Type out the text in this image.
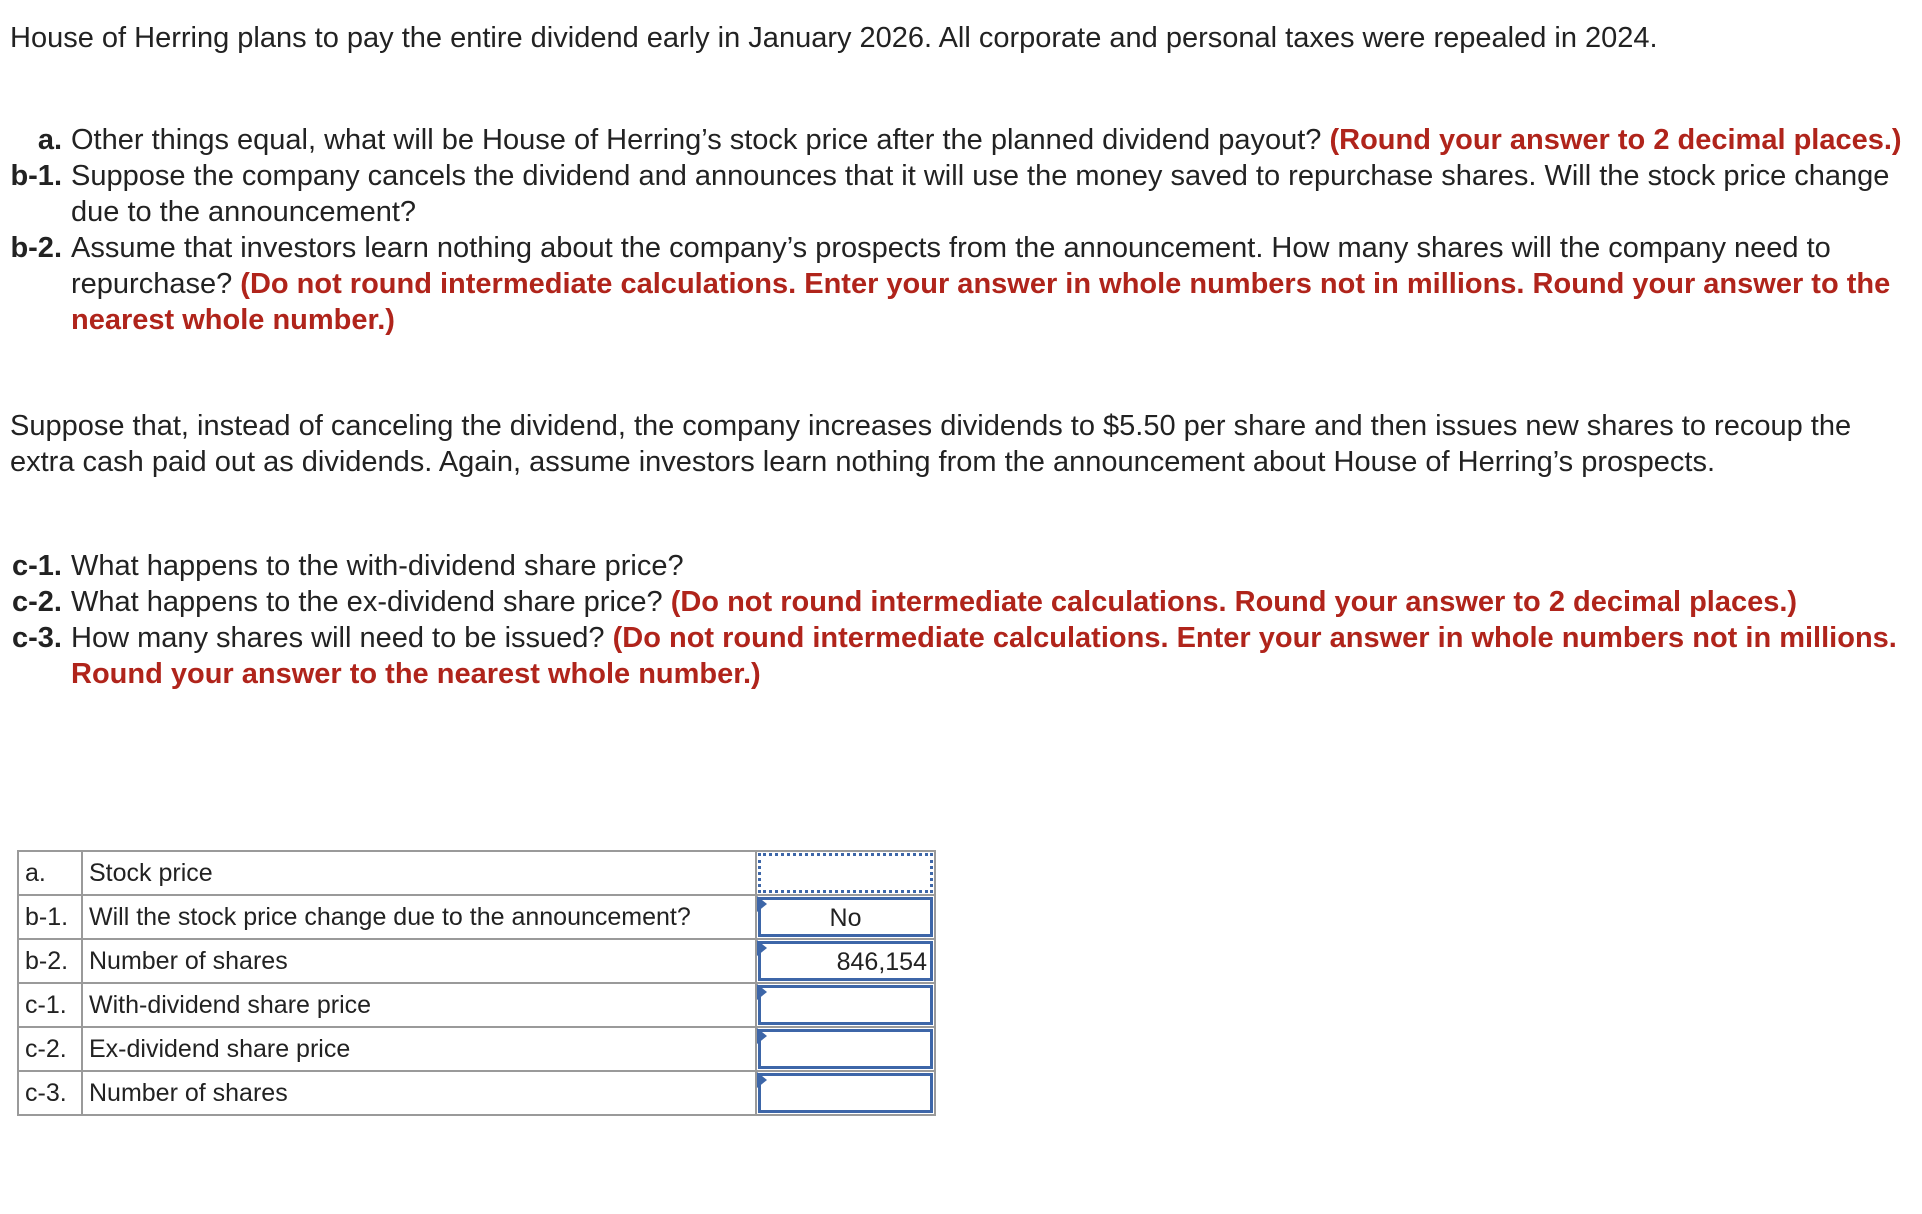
House of Herring plans to pay the entire dividend early in January 2026. All corporate and personal taxes were repealed in 2024.
a. Other things equal, what will be House of Herring’s stock price after the planned dividend payout? (Round your answer to 2 decimal places.)
b-1. Suppose the company cancels the dividend and announces that it will use the money saved to repurchase shares. Will the stock price change due to the announcement?
b-2. Assume that investors learn nothing about the company’s prospects from the announcement. How many shares will the company need to repurchase? (Do not round intermediate calculations. Enter your answer in whole numbers not in millions. Round your answer to the nearest whole number.)
Suppose that, instead of canceling the dividend, the company increases dividends to $5.50 per share and then issues new shares to recoup the extra cash paid out as dividends. Again, assume investors learn nothing from the announcement about House of Herring’s prospects.
c-1. What happens to the with-dividend share price?
c-2. What happens to the ex-dividend share price? (Do not round intermediate calculations. Round your answer to 2 decimal places.)
c-3. How many shares will need to be issued? (Do not round intermediate calculations. Enter your answer in whole numbers not in millions. Round your answer to the nearest whole number.)
a.	Stock price	

b-1.	Will the stock price change due to the announcement?	No

b-2.	Number of shares	846,154

c-1.	With-dividend share price	

c-2.	Ex-dividend share price	

c-3.	Number of shares	
